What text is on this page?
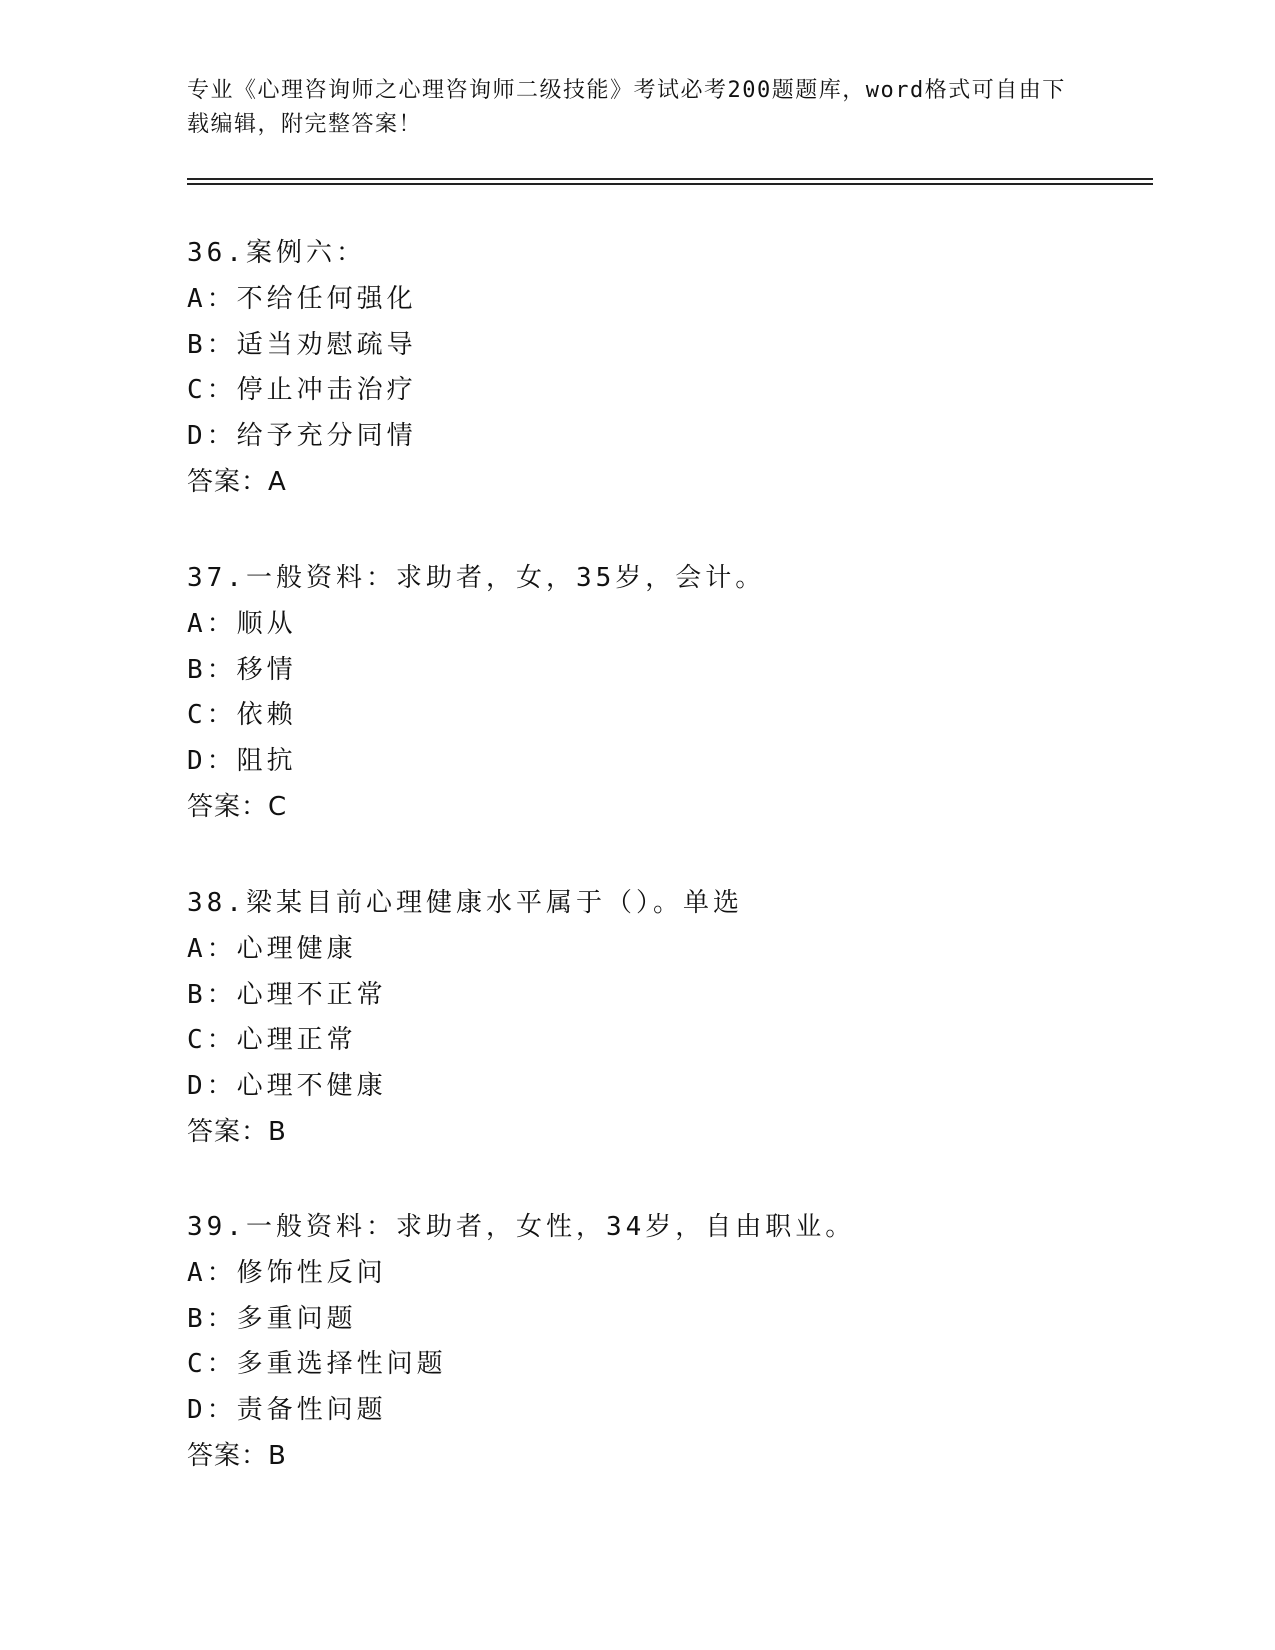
专业《心理咨询师之心理咨询师二级技能》考试必考200题题库，word格式可自由下载编辑，附完整答案！
36.案例六：
A：不给任何强化
B：适当劝慰疏导
C：停止冲击治疗
D：给予充分同情
答案：A
37.一般资料：求助者，女，35岁，会计。
A：顺从
B：移情
C：依赖
D：阻抗
答案：C
38.梁某目前心理健康水平属于（）。单选
A：心理健康
B：心理不正常
C：心理正常
D：心理不健康
答案：B
39.一般资料：求助者，女性，34岁，自由职业。
A：修饰性反问
B：多重问题
C：多重选择性问题
D：责备性问题
答案：B
